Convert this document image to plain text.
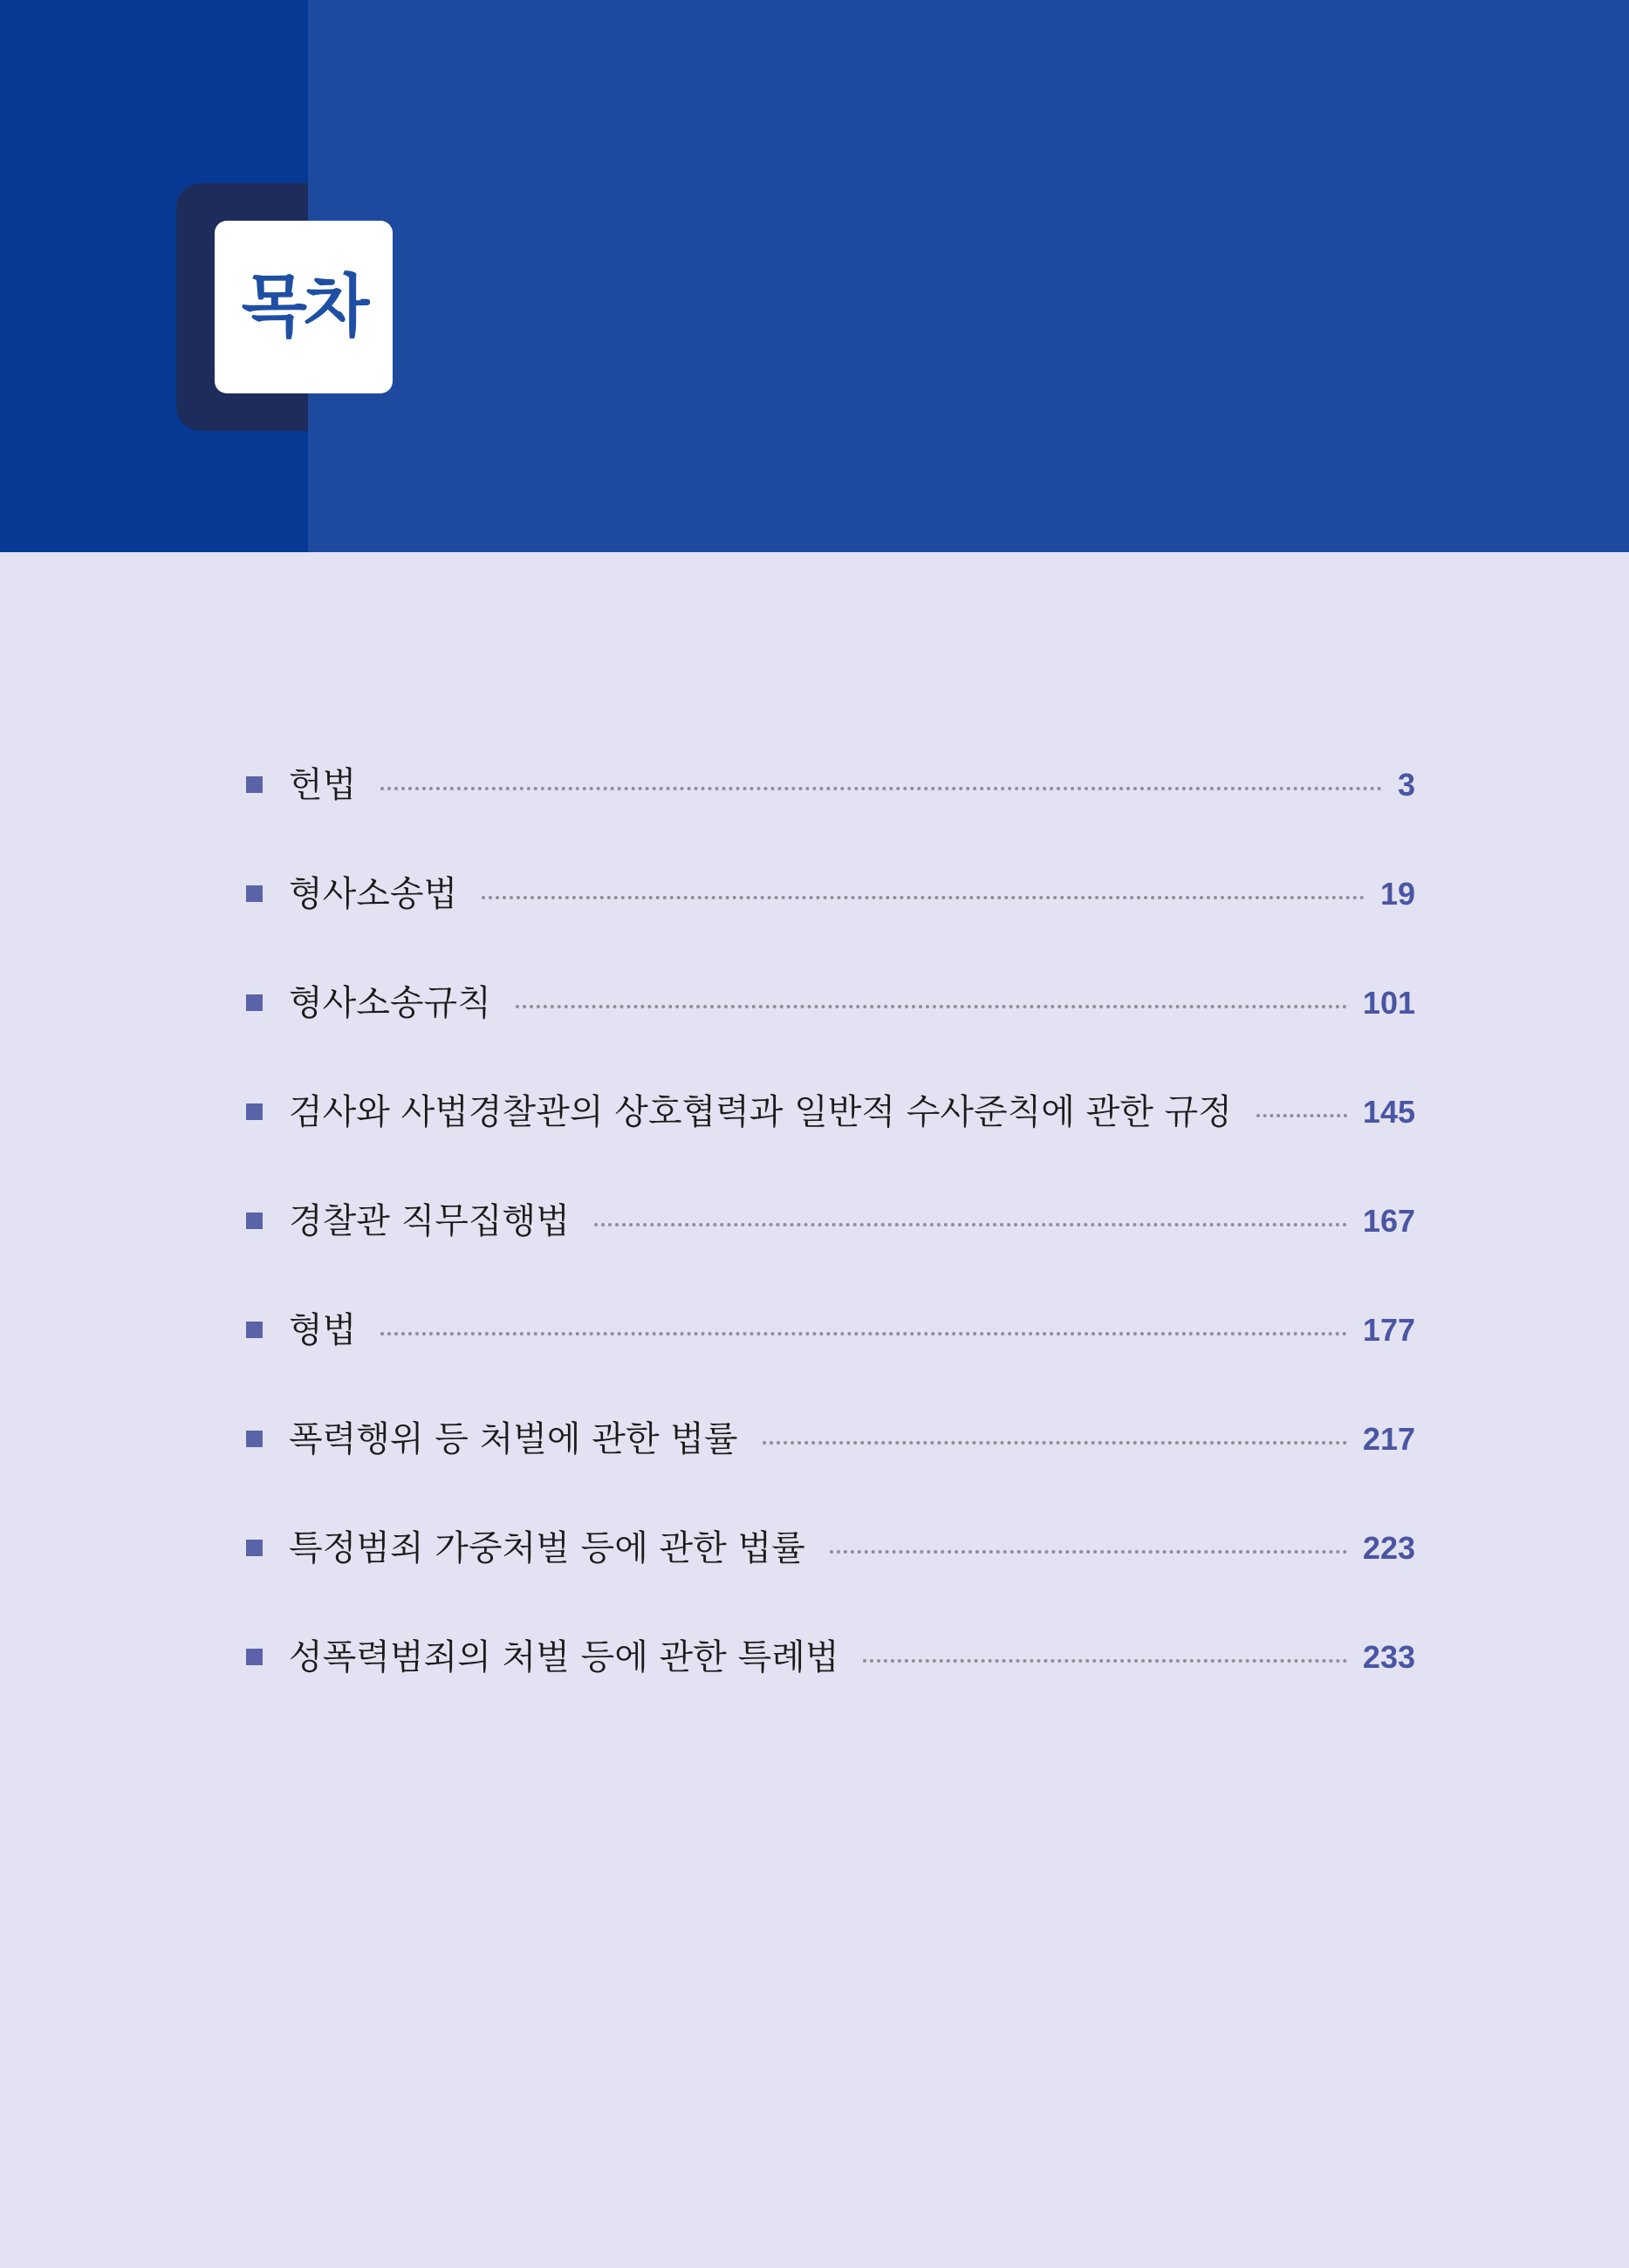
목차
헌법	3
형사소송법	19
형사소송규칙	101
검사와 사법경찰관의 상호협력과 일반적 수사준칙에 관한 규정	145
경찰관 직무집행법	167
형법	177
폭력행위 등 처벌에 관한 법률	217
특정범죄 가중처벌 등에 관한 법률	223
성폭력범죄의 처벌 등에 관한 특례법	233
